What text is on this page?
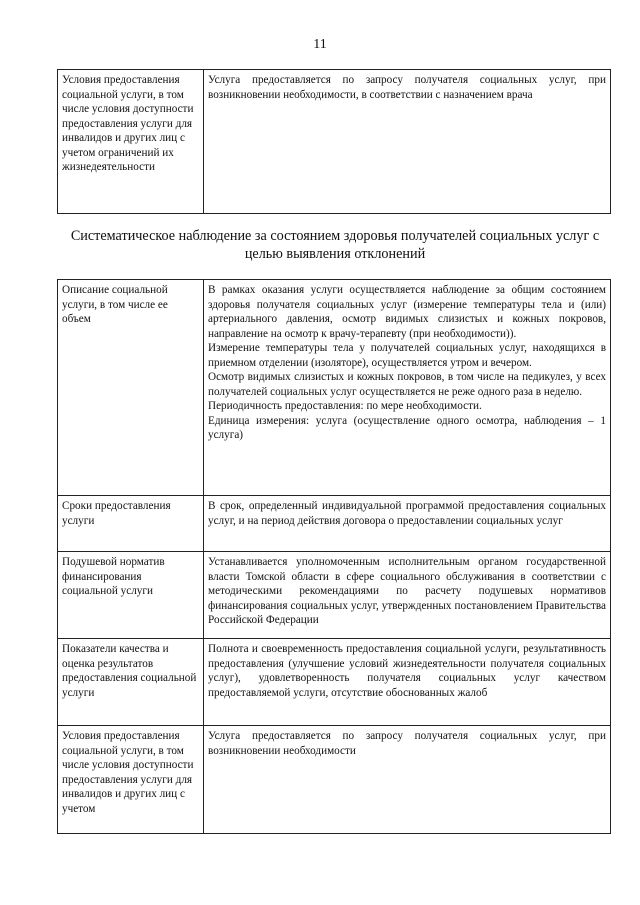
11
Условия предоставления социальной услуги, в том числе условия доступности предоставления услуги для инвалидов и других лиц с учетом ограничений их жизнедеятельности	Услуга предоставляется по запросу получателя социальных услуг, при возникновении необходимости, в соответствии с назначением врача
Систематическое наблюдение за состоянием здоровья получателей социальных услуг с целью выявления отклонений
Описание социальной услуги, в том числе ее объем	В рамках оказания услуги осуществляется наблюдение за общим состоянием здоровья получателя социальных услуг (измерение температуры тела и (или) артериального давления, осмотр видимых слизистых и кожных покровов, направление на осмотр к врачу-терапевту (при необходимости)).

Измерение температуры тела у получателей социальных услуг, находящихся в приемном отделении (изоляторе), осуществляется утром и вечером.

Осмотр видимых слизистых и кожных покровов, в том числе на педикулез, у всех получателей социальных услуг осуществляется не реже одного раза в неделю.

Периодичность предоставления: по мере необходимости.

Единица измерения: услуга (осуществление одного осмотра, наблюдения – 1 услуга)

Сроки предоставления услуги	В срок, определенный индивидуальной программой предоставления социальных услуг, и на период действия договора о предоставлении социальных услуг

Подушевой норматив финансирования социальной услуги	Устанавливается уполномоченным исполнительным органом государственной власти Томской области в сфере социального обслуживания в соответствии с методическими рекомендациями по расчету подушевых нормативов финансирования социальных услуг, утвержденных постановлением Правительства Российской Федерации

Показатели качества и оценка результатов предоставления социальной услуги	Полнота и своевременность предоставления социальной услуги, результативность предоставления (улучшение условий жизнедеятельности получателя социальных услуг), удовлетворенность получателя социальных услуг качеством предоставляемой услуги, отсутствие обоснованных жалоб

Условия предоставления социальной услуги, в том числе условия доступности предоставления услуги для инвалидов и других лиц с учетом	Услуга предоставляется по запросу получателя социальных услуг, при возникновении необходимости
